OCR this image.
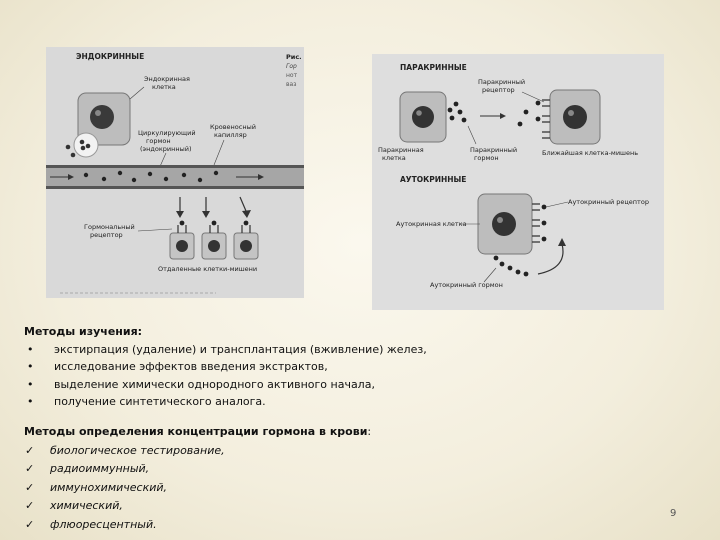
ЭНДОКРИННЫЕ	Рис.
Гор
нот
ваз
Эндокринная
клетка
Циркулирующий
гормон
(эндокринный)
Кровеносный
капилляр
Гормональный
рецептор
Отдаленные клетки-мишени
ПАРАКРИННЫЕ
АУТОКРИННЫЕ
Паракринный
рецептор
Паракринная
клетка
Паракринный
гормон
Ближайшая клетка-мишень
Аутокринный рецептор
Аутокринная клетка
Аутокринный гормон
Методы изучения:
• экстирпация (удаление) и трансплантация (вживление) желез,
• исследование эффектов введения экстрактов,
• выделение химически однородного активного начала,
• получение синтетического аналога.
Методы определения концентрации гормона в крови:
✓ биологическое тестирование,
✓ радиоиммунный,
✓ иммунохимический,
✓ химический,
✓ флюоресцентный.
9
